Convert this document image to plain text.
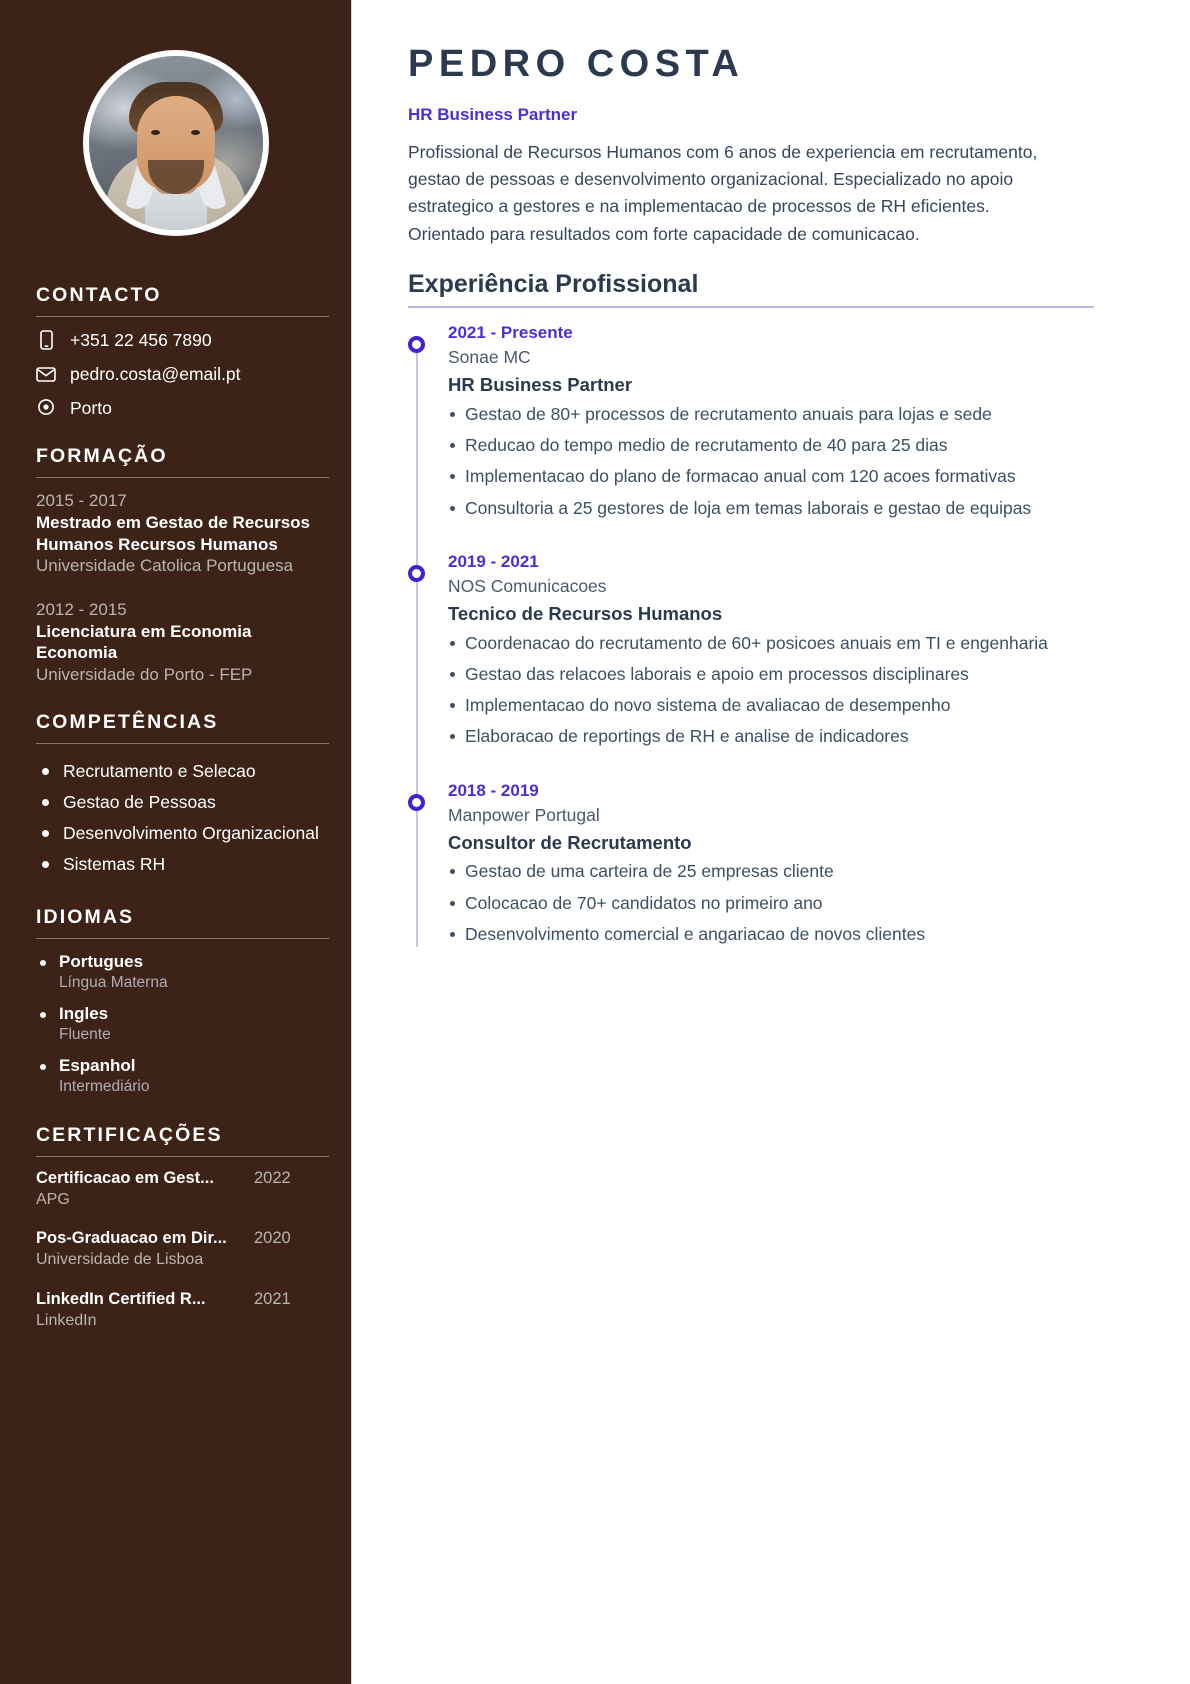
CONTACTO
+351 22 456 7890
pedro.costa@email.pt
Porto
FORMAÇÃO
2015 - 2017
Mestrado em Gestao de Recursos Humanos Recursos Humanos
Universidade Catolica Portuguesa
2012 - 2015
Licenciatura em Economia Economia
Universidade do Porto - FEP
COMPETÊNCIAS
Recrutamento e Selecao
Gestao de Pessoas
Desenvolvimento Organizacional
Sistemas RH
IDIOMAS
Portugues
Língua Materna
Ingles
Fluente
Espanhol
Intermediário
CERTIFICAÇÕES
Certificacao em Gest...	2022
APG
Pos-Graduacao em Dir...	2020
Universidade de Lisboa
LinkedIn Certified R...	2021
LinkedIn
PEDRO COSTA
HR Business Partner

Profissional de Recursos Humanos com 6 anos de experiencia em recrutamento, gestao de pessoas e desenvolvimento organizacional. Especializado no apoio estrategico a gestores e na implementacao de processos de RH eficientes. Orientado para resultados com forte capacidade de comunicacao.

Experiência Profissional
2021 - Presente
Sonae MC
HR Business Partner
Gestao de 80+ processos de recrutamento anuais para lojas e sede
Reducao do tempo medio de recrutamento de 40 para 25 dias
Implementacao do plano de formacao anual com 120 acoes formativas
Consultoria a 25 gestores de loja em temas laborais e gestao de equipas
2019 - 2021
NOS Comunicacoes
Tecnico de Recursos Humanos
Coordenacao do recrutamento de 60+ posicoes anuais em TI e engenharia
Gestao das relacoes laborais e apoio em processos disciplinares
Implementacao do novo sistema de avaliacao de desempenho
Elaboracao de reportings de RH e analise de indicadores
2018 - 2019
Manpower Portugal
Consultor de Recrutamento
Gestao de uma carteira de 25 empresas cliente
Colocacao de 70+ candidatos no primeiro ano
Desenvolvimento comercial e angariacao de novos clientes
